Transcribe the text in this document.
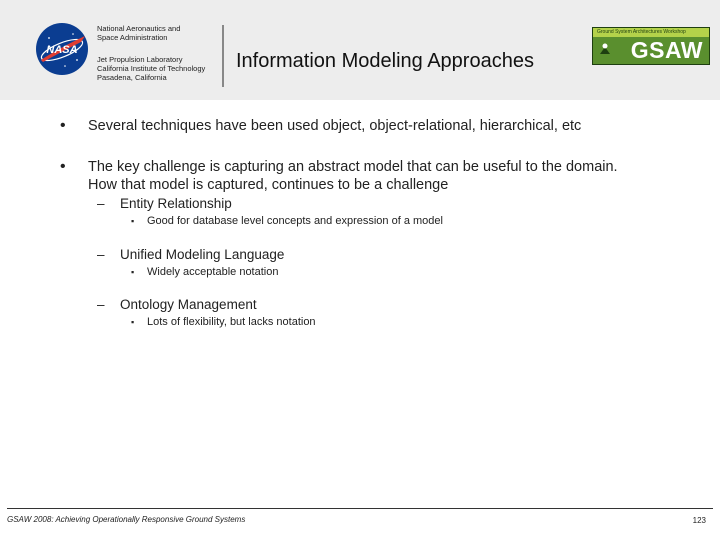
NASA
National Aeronautics and
Space Administration
Jet Propulsion Laboratory
California Institute of Technology
Pasadena, California
Information Modeling Approaches
Ground System Architectures Workshop
GSAW
• Several techniques have been used object, object-relational, hierarchical, etc
• The key challenge is capturing an abstract model that can be useful to the domain. How that model is captured, continues to be a challenge
– Entity Relationship
▪ Good for database level concepts and expression of a model
– Unified Modeling Language
▪ Widely acceptable notation
– Ontology Management
▪ Lots of flexibility, but lacks notation
GSAW 2008: Achieving Operationally Responsive Ground Systems	123
